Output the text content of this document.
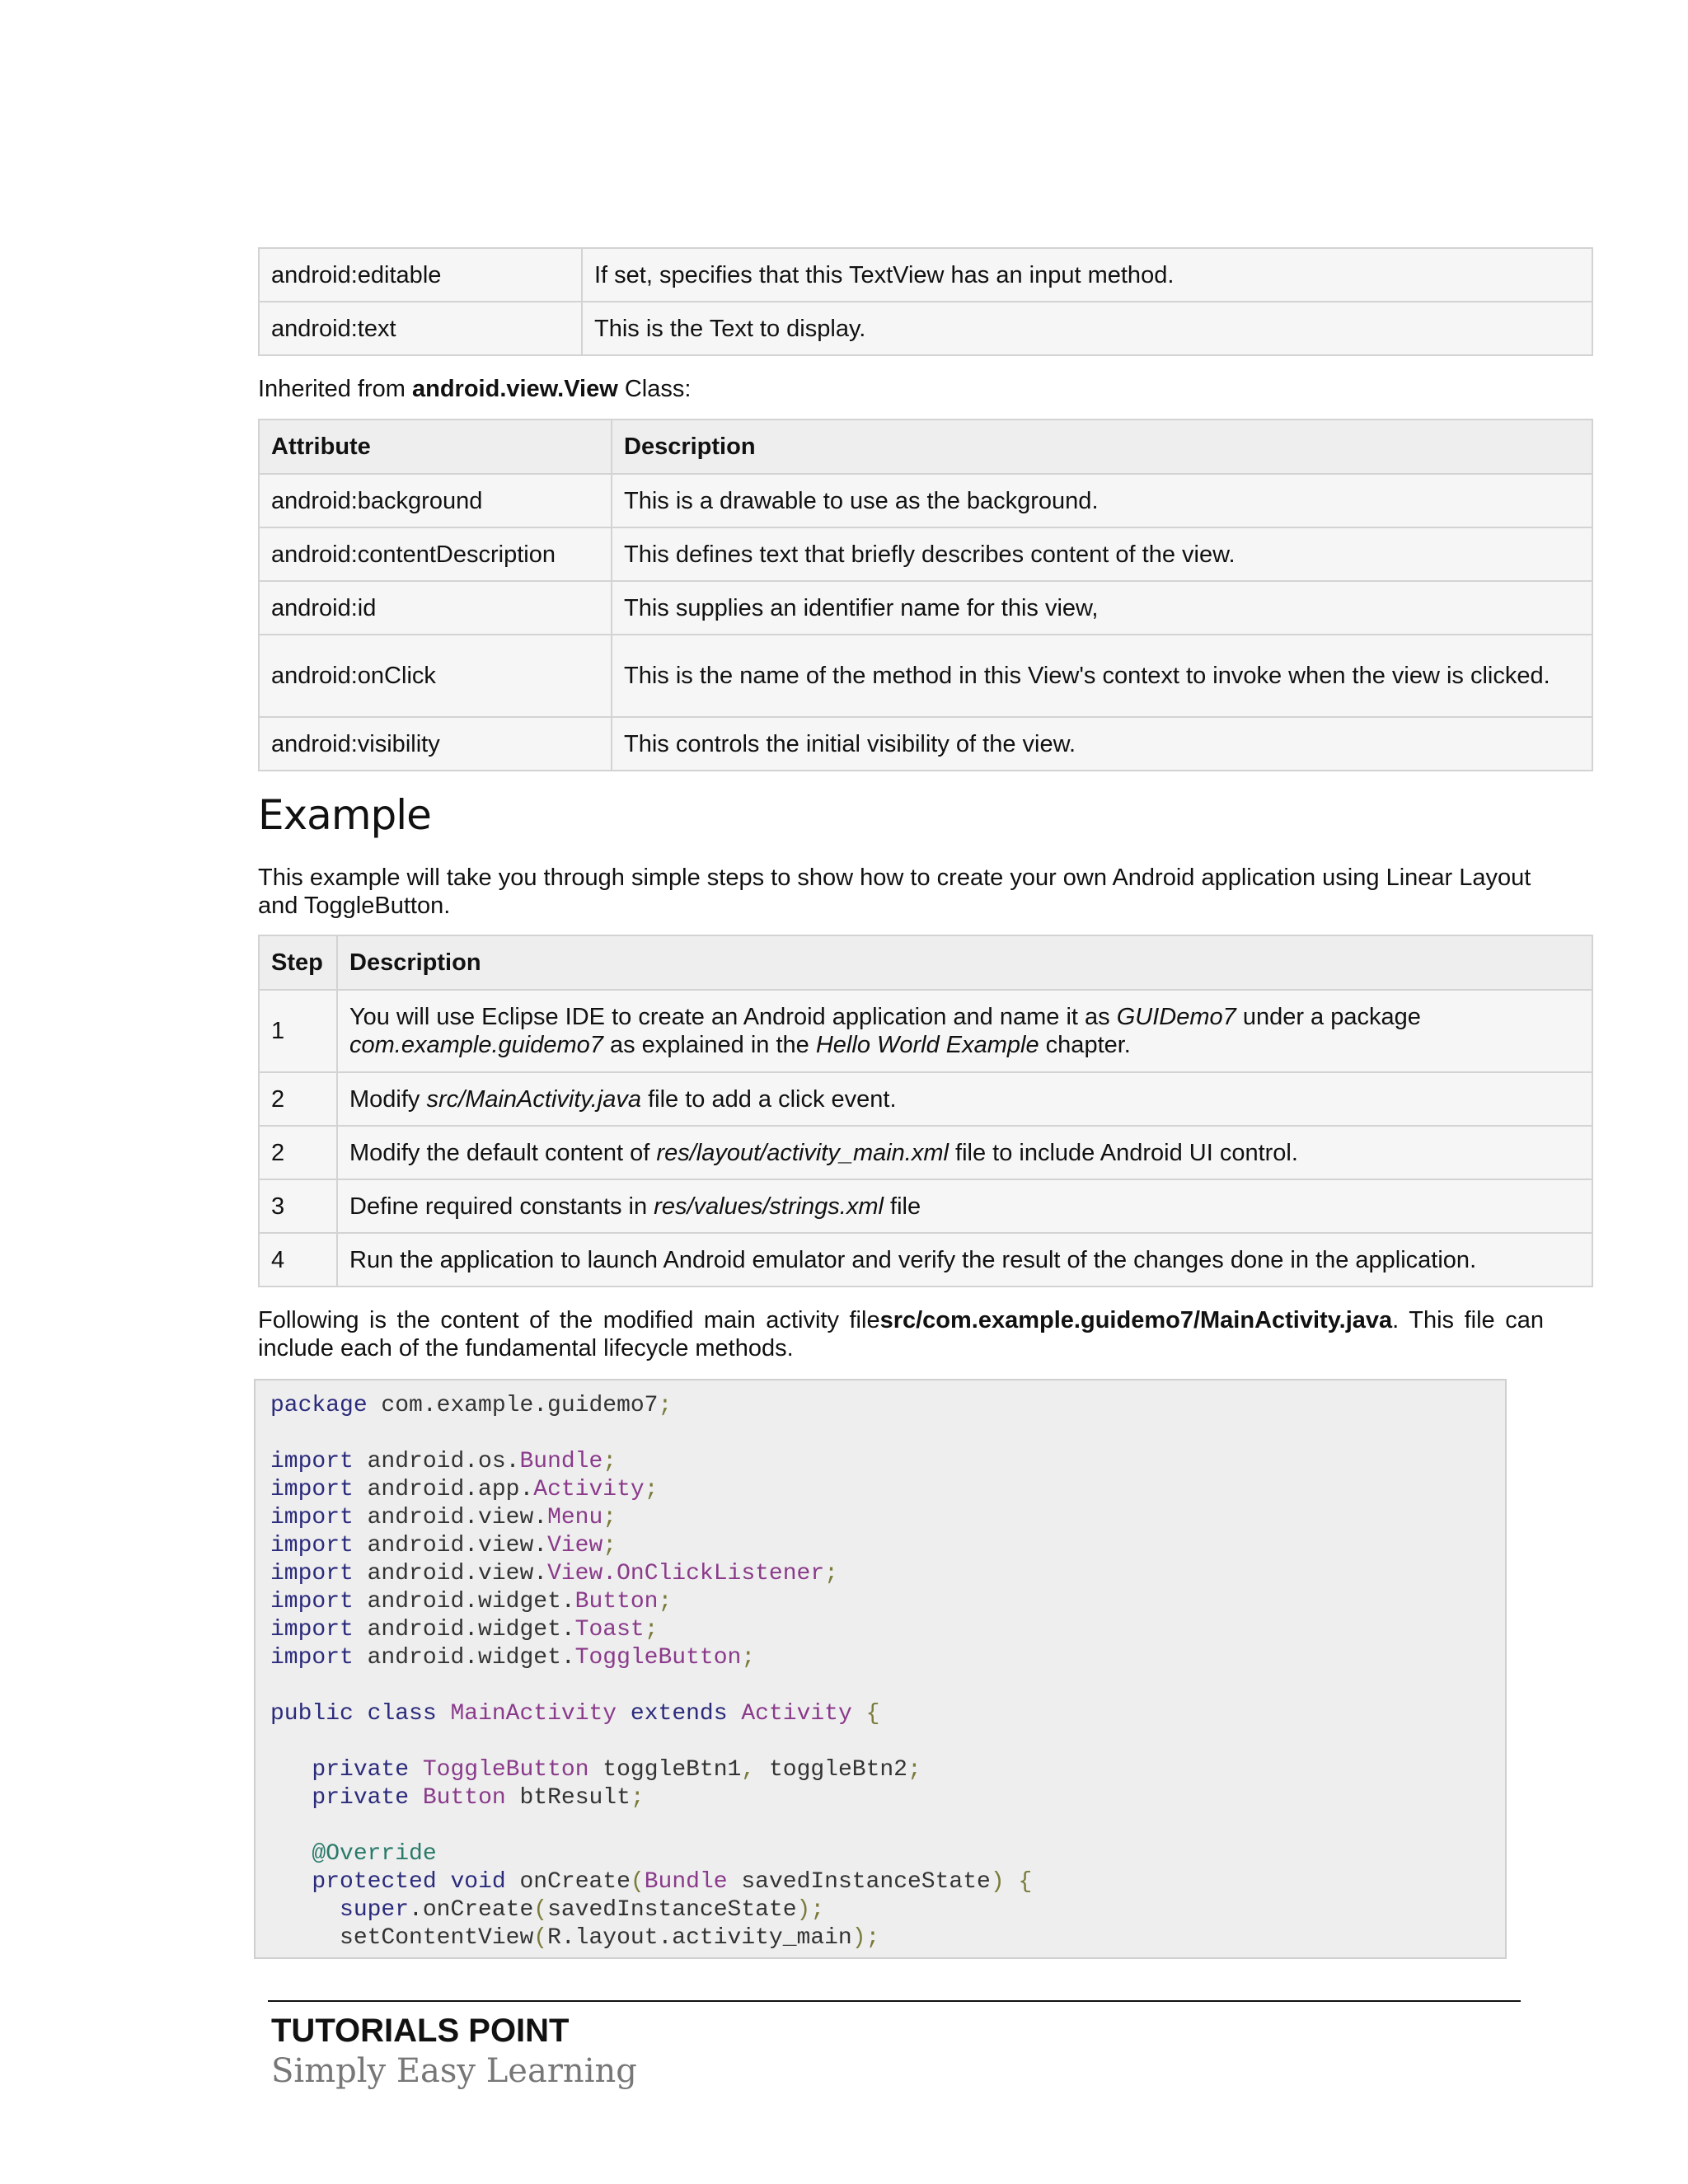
android:editable	If set, specifies that this TextView has an input method.
android:text	This is the Text to display.

Inherited from android.view.View Class:

Attribute	Description
android:background	This is a drawable to use as the background.
android:contentDescription	This defines text that briefly describes content of the view.
android:id	This supplies an identifier name for this view,
android:onClick	This is the name of the method in this View's context to invoke when the view is clicked.
android:visibility	This controls the initial visibility of the view.
Example

This example will take you through simple steps to show how to create your own Android application using Linear Layout and ToggleButton.

Step	Description
1	You will use Eclipse IDE to create an Android application and name it as GUIDemo7 under a package com.example.guidemo7 as explained in the Hello World Example chapter.
2	Modify src/MainActivity.java file to add a click event.
2	Modify the default content of res/layout/activity_main.xml file to include Android UI control.
3	Define required constants in res/values/strings.xml file
4	Run the application to launch Android emulator and verify the result of the changes done in the application.

Following is the content of the modified main activity filesrc/com.example.guidemo7/MainActivity.java. This file can include each of the fundamental lifecycle methods.

package com.example.guidemo7;

import android.os.Bundle;
import android.app.Activity;
import android.view.Menu;
import android.view.View;
import android.view.View.OnClickListener;
import android.widget.Button;
import android.widget.Toast;
import android.widget.ToggleButton;

public class MainActivity extends Activity {

private ToggleButton toggleBtn1, toggleBtn2;
private Button btResult;

@Override
protected void onCreate(Bundle savedInstanceState) {
super.onCreate(savedInstanceState);
setContentView(R.layout.activity_main);
TUTORIALS POINT
Simply Easy Learning
